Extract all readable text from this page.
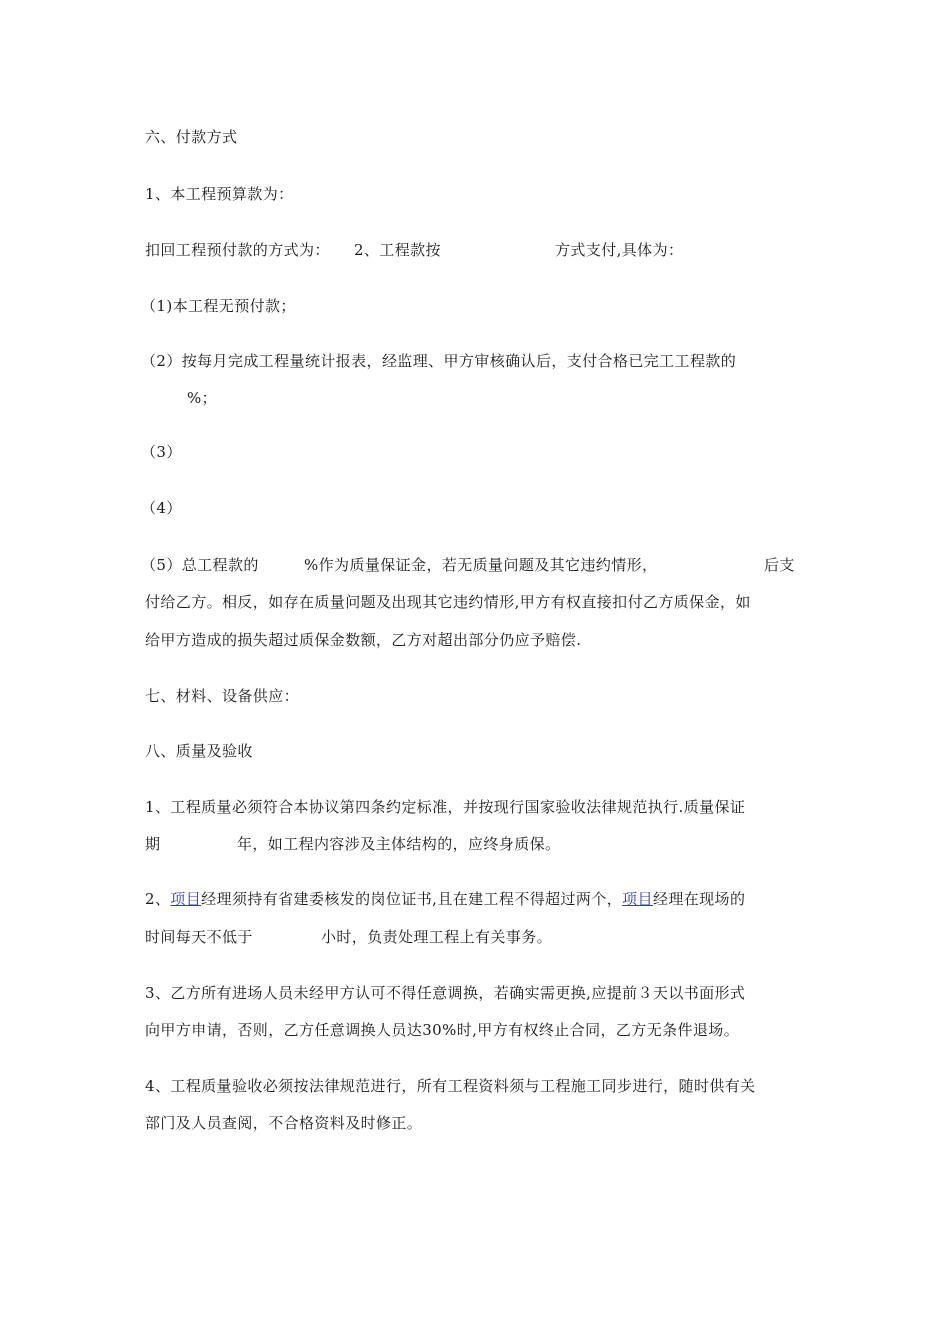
六、付款方式
1、本工程预算款为：
扣回工程预付款的方式为： 2、工程款按	方式支付,具体为：
（1)本工程无预付款；
（2）按每月完成工程量统计报表，经监理、甲方审核确认后，支付合格已完工工程款的
%；
（3）
（4）
（5）总工程款的	%作为质量保证金，若无质量问题及其它违约情形，	后支
付给乙方。相反，如存在质量问题及出现其它违约情形,甲方有权直接扣付乙方质保金，如
给甲方造成的损失超过质保金数额，乙方对超出部分仍应予赔偿.
七、材料、设备供应：
八、质量及验收
1、工程质量必须符合本协议第四条约定标准，并按现行国家验收法律规范执行.质量保证
期	年，如工程内容涉及主体结构的，应终身质保。
2、项目经理须持有省建委核发的岗位证书,且在建工程不得超过两个，项目经理在现场的
时间每天不低于	小时，负责处理工程上有关事务。
3、乙方所有进场人员未经甲方认可不得任意调换，若确实需更换,应提前３天以书面形式
向甲方申请，否则，乙方任意调换人员达30%时,甲方有权终止合同，乙方无条件退场。
4、工程质量验收必须按法律规范进行，所有工程资料须与工程施工同步进行，随时供有关
部门及人员查阅，不合格资料及时修正。
